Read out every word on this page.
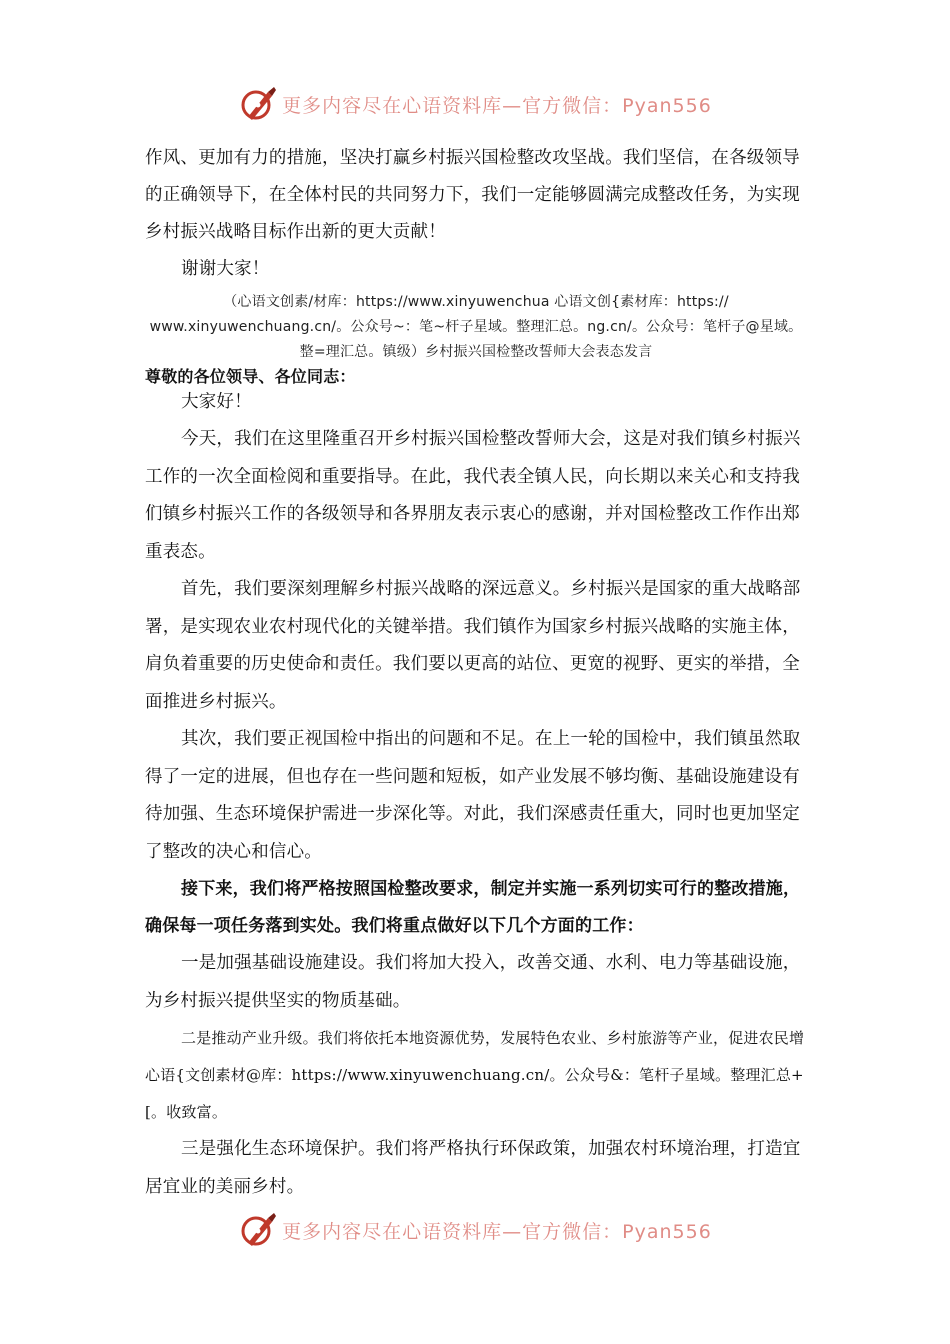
更多内容尽在心语资料库—官方微信：Pyan556

作风、更加有力的措施，坚决打赢乡村振兴国检整改攻坚战。我们坚信，在各级领导的正确领导下，在全体村民的共同努力下，我们一定能够圆满完成整改任务，为实现乡村振兴战略目标作出新的更大贡献！

谢谢大家！

（心语文创素/材库：https://www.xinyuwenchua 心语文创{素材库：https:// www.xinyuwenchuang.cn/。公众号~：笔~杆子星域。整理汇总。ng.cn/。公众号：笔杆子@星域。整=理汇总。镇级）乡村振兴国检整改誓师大会表态发言

尊敬的各位领导、各位同志：

大家好！

今天，我们在这里隆重召开乡村振兴国检整改誓师大会，这是对我们镇乡村振兴工作的一次全面检阅和重要指导。在此，我代表全镇人民，向长期以来关心和支持我们镇乡村振兴工作的各级领导和各界朋友表示衷心的感谢，并对国检整改工作作出郑重表态。

首先，我们要深刻理解乡村振兴战略的深远意义。乡村振兴是国家的重大战略部署，是实现农业农村现代化的关键举措。我们镇作为国家乡村振兴战略的实施主体，肩负着重要的历史使命和责任。我们要以更高的站位、更宽的视野、更实的举措，全面推进乡村振兴。

其次，我们要正视国检中指出的问题和不足。在上一轮的国检中，我们镇虽然取得了一定的进展，但也存在一些问题和短板，如产业发展不够均衡、基础设施建设有待加强、生态环境保护需进一步深化等。对此，我们深感责任重大，同时也更加坚定了整改的决心和信心。

接下来，我们将严格按照国检整改要求，制定并实施一系列切实可行的整改措施，确保每一项任务落到实处。我们将重点做好以下几个方面的工作：

一是加强基础设施建设。我们将加大投入，改善交通、水利、电力等基础设施，为乡村振兴提供坚实的物质基础。

二是推动产业升级。我们将依托本地资源优势，发展特色农业、乡村旅游等产业，促进农民增心语{文创素材@库：https://www.xinyuwenchuang.cn/。公众号&：笔杆子星域。整理汇总+[。收致富。

三是强化生态环境保护。我们将严格执行环保政策，加强农村环境治理，打造宜居宜业的美丽乡村。

更多内容尽在心语资料库—官方微信：Pyan556
